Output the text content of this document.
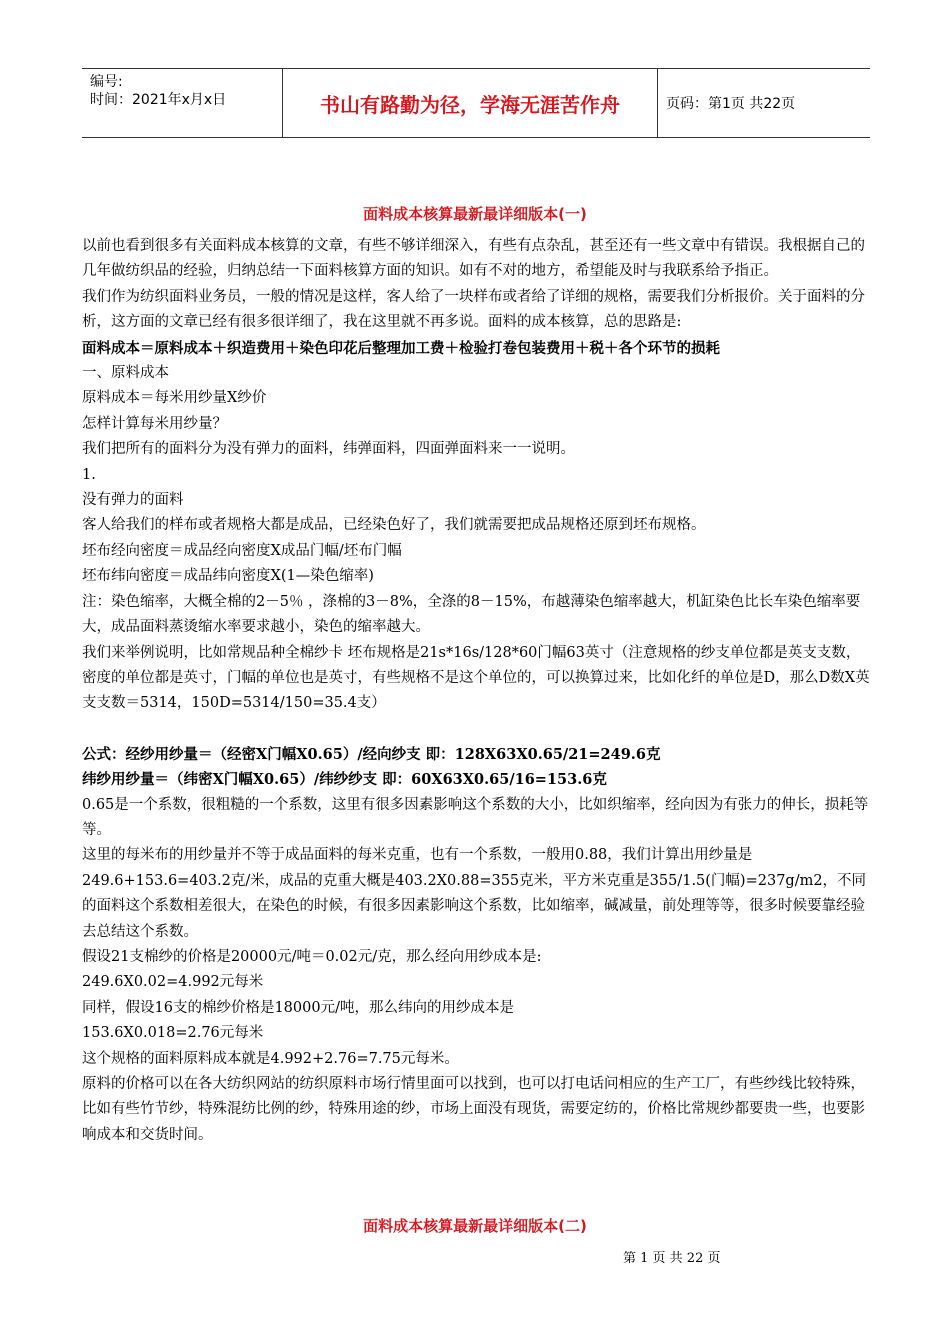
编号:
时间：2021年x月x日	书山有路勤为径，学海无涯苦作舟	页码：第1页 共22页
面料成本核算最新最详细版本(一)

以前也看到很多有关面料成本核算的文章，有些不够详细深入，有些有点杂乱，甚至还有一些文章中有错误。我根据自己的几年做纺织品的经验，归纳总结一下面料核算方面的知识。如有不对的地方，希望能及时与我联系给予指正。

我们作为纺织面料业务员，一般的情况是这样，客人给了一块样布或者给了详细的规格，需要我们分析报价。关于面料的分析，这方面的文章已经有很多很详细了，我在这里就不再多说。面料的成本核算，总的思路是:

面料成本＝原料成本＋织造费用＋染色印花后整理加工费＋检验打卷包装费用＋税＋各个环节的损耗

一、原料成本

原料成本＝每米用纱量X纱价

怎样计算每米用纱量？

我们把所有的面料分为没有弹力的面料，纬弹面料，四面弹面料来一一说明。

1.

没有弹力的面料

客人给我们的样布或者规格大都是成品，已经染色好了，我们就需要把成品规格还原到坯布规格。

坯布经向密度＝成品经向密度X成品门幅/坯布门幅

坯布纬向密度＝成品纬向密度X(1—染色缩率)

注：染色缩率，大概全棉的2－5％ ，涤棉的3－8%，全涤的8－15%，布越薄染色缩率越大，机缸染色比长车染色缩率要大，成品面料蒸烫缩水率要求越小，染色的缩率越大。

我们来举例说明，比如常规品种全棉纱卡 坯布规格是21s*16s/128*60门幅63英寸（注意规格的纱支单位都是英支支数，密度的单位都是英寸，门幅的单位也是英寸，有些规格不是这个单位的，可以换算过来，比如化纤的单位是D，那么D数X英支支数＝5314，150D=5314/150=35.4支）

公式：经纱用纱量＝（经密X门幅X0.65）/经向纱支 即：128X63X0.65/21=249.6克

纬纱用纱量＝（纬密X门幅X0.65）/纬纱纱支 即：60X63X0.65/16=153.6克

0.65是一个系数，很粗糙的一个系数，这里有很多因素影响这个系数的大小，比如织缩率，经向因为有张力的伸长，损耗等等。

这里的每米布的用纱量并不等于成品面料的每米克重，也有一个系数，一般用0.88，我们计算出用纱量是249.6+153.6=403.2克/米，成品的克重大概是403.2X0.88=355克米，平方米克重是355/1.5(门幅)=237g/m2，不同的面料这个系数相差很大，在染色的时候，有很多因素影响这个系数，比如缩率，碱减量，前处理等等，很多时候要靠经验去总结这个系数。

假设21支棉纱的价格是20000元/吨＝0.02元/克，那么经向用纱成本是:

249.6X0.02=4.992元每米

同样，假设16支的棉纱价格是18000元/吨，那么纬向的用纱成本是

153.6X0.018=2.76元每米

这个规格的面料原料成本就是4.992+2.76=7.75元每米。

原料的价格可以在各大纺织网站的纺织原料市场行情里面可以找到，也可以打电话问相应的生产工厂，有些纱线比较特殊，比如有些竹节纱，特殊混纺比例的纱，特殊用途的纱，市场上面没有现货，需要定纺的，价格比常规纱都要贵一些，也要影响成本和交货时间。

面料成本核算最新最详细版本(二)
第 1 页 共 22 页
